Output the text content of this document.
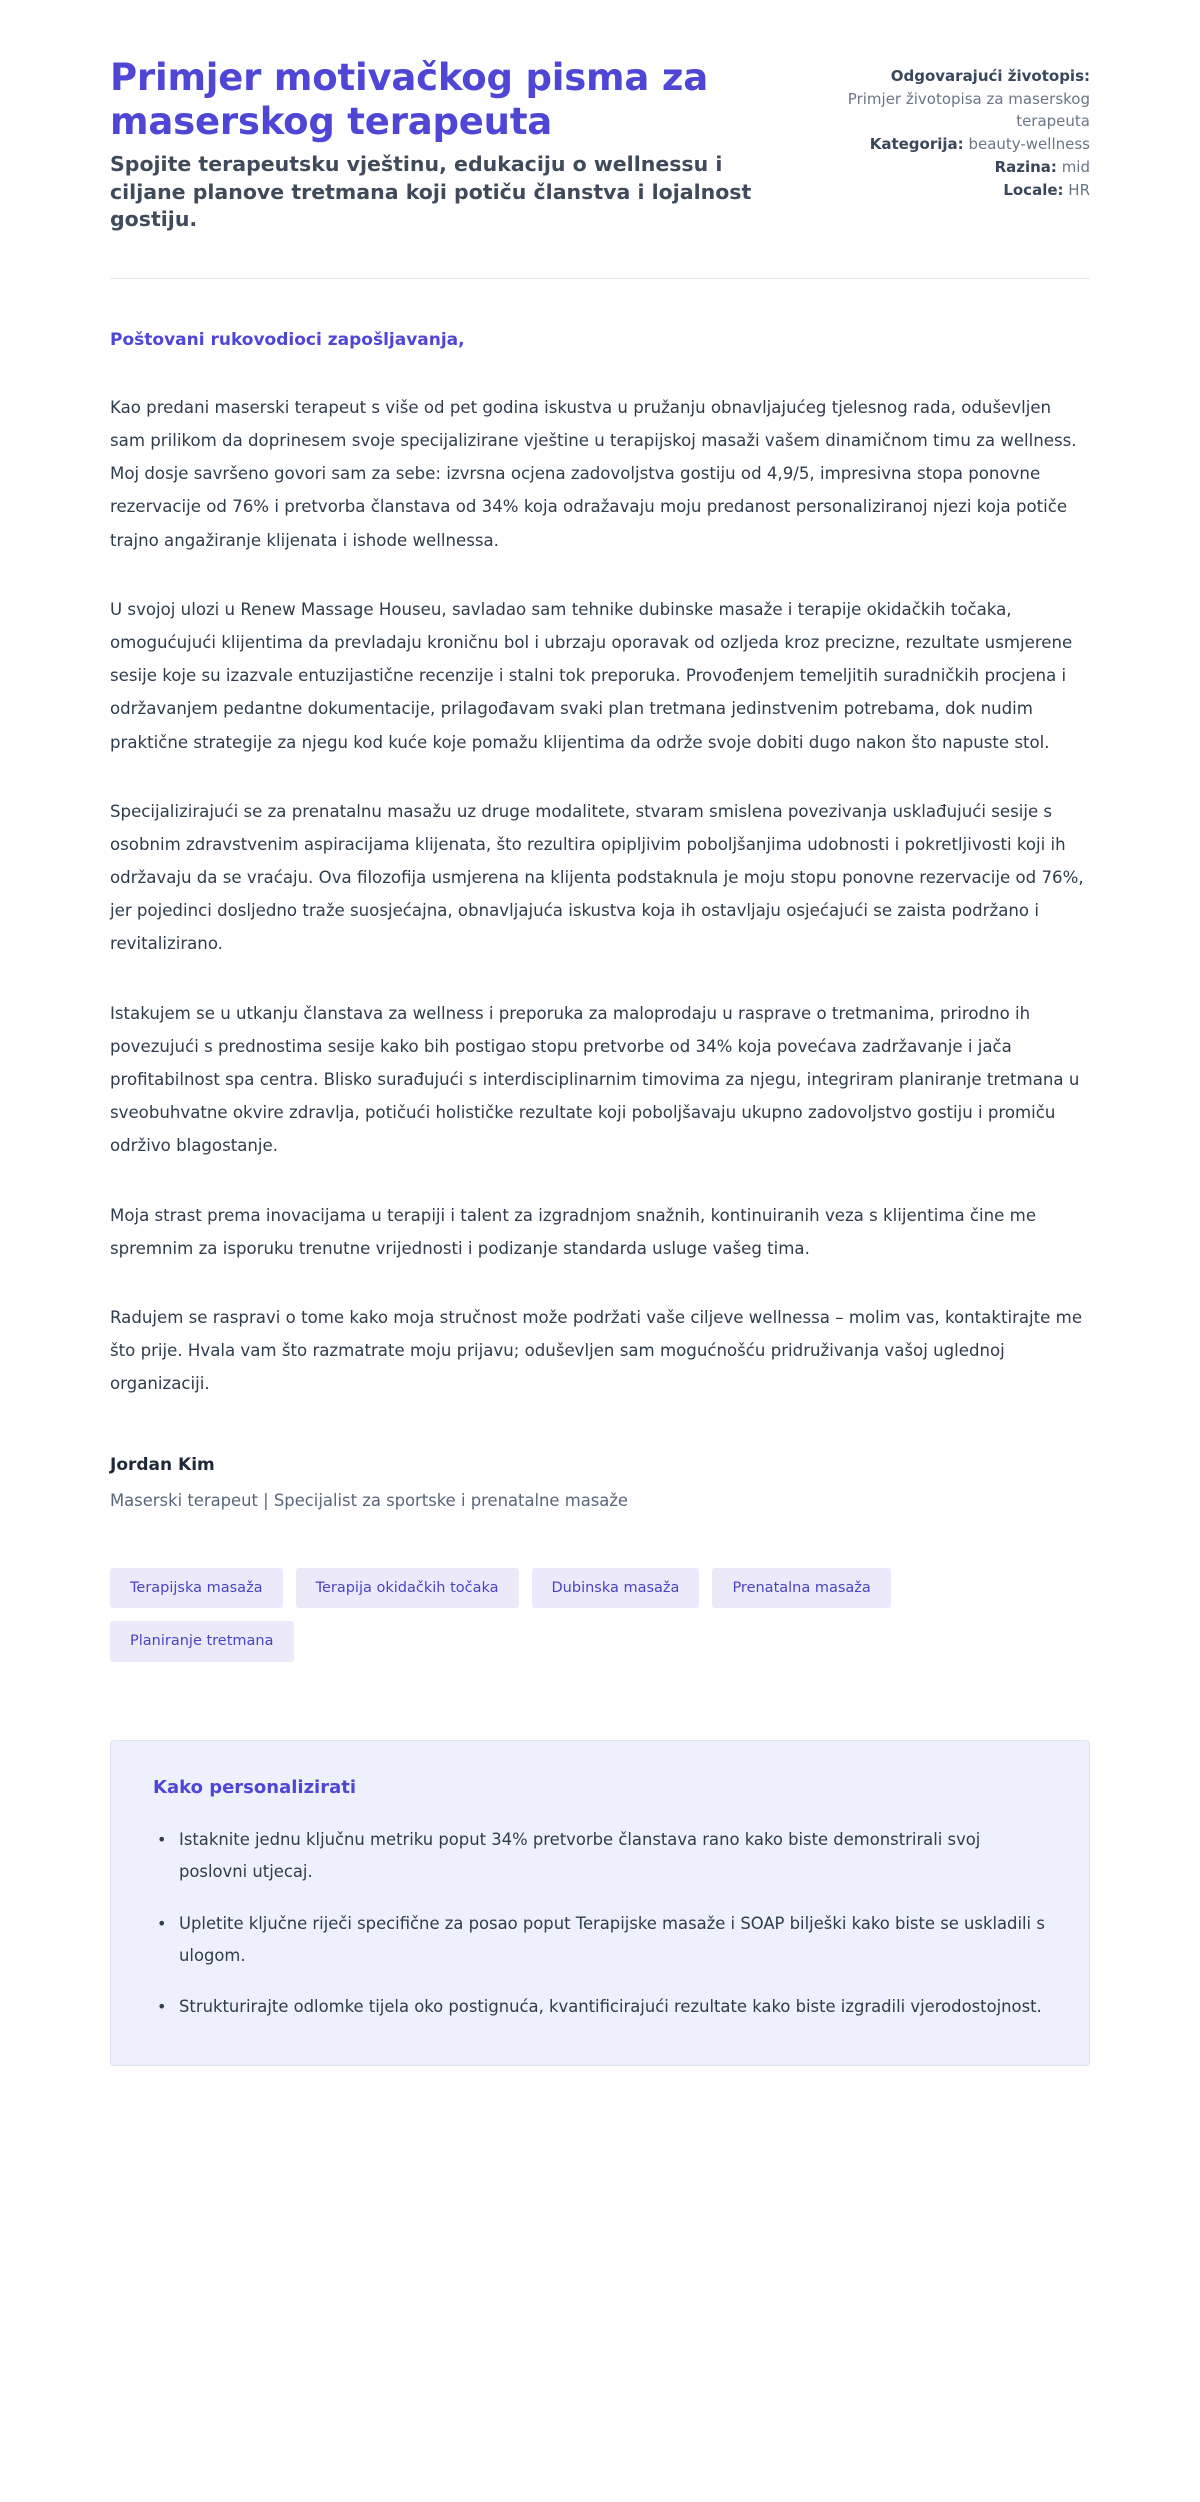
Primjer motivačkog pisma za maserskog terapeuta

Spojite terapeutsku vještinu, edukaciju o wellnessu i ciljane planove tretmana koji potiču članstva i lojalnost gostiju.

Odgovarajući životopis:
Primjer životopisa za maserskog terapeuta
Kategorija: beauty-wellness
Razina: mid
Locale: HR

Poštovani rukovodioci zapošljavanja,

Kao predani maserski terapeut s više od pet godina iskustva u pružanju obnavljajućeg tjelesnog rada, oduševljen sam prilikom da doprinesem svoje specijalizirane vještine u terapijskoj masaži vašem dinamičnom timu za wellness. Moj dosje savršeno govori sam za sebe: izvrsna ocjena zadovoljstva gostiju od 4,9/5, impresivna stopa ponovne rezervacije od 76% i pretvorba članstava od 34% koja odražavaju moju predanost personaliziranoj njezi koja potiče trajno angažiranje klijenata i ishode wellnessa.

U svojoj ulozi u Renew Massage Houseu, savladao sam tehnike dubinske masaže i terapije okidačkih točaka, omogućujući klijentima da prevladaju kroničnu bol i ubrzaju oporavak od ozljeda kroz precizne, rezultate usmjerene sesije koje su izazvale entuzijastične recenzije i stalni tok preporuka. Provođenjem temeljitih suradničkih procjena i održavanjem pedantne dokumentacije, prilagođavam svaki plan tretmana jedinstvenim potrebama, dok nudim praktične strategije za njegu kod kuće koje pomažu klijentima da održe svoje dobiti dugo nakon što napuste stol.

Specijalizirajući se za prenatalnu masažu uz druge modalitete, stvaram smislena povezivanja usklađujući sesije s osobnim zdravstvenim aspiracijama klijenata, što rezultira opipljivim poboljšanjima udobnosti i pokretljivosti koji ih održavaju da se vraćaju. Ova filozofija usmjerena na klijenta podstaknula je moju stopu ponovne rezervacije od 76%, jer pojedinci dosljedno traže suosjećajna, obnavljajuća iskustva koja ih ostavljaju osjećajući se zaista podržano i revitalizirano.

Istakujem se u utkanju članstava za wellness i preporuka za maloprodaju u rasprave o tretmanima, prirodno ih povezujući s prednostima sesije kako bih postigao stopu pretvorbe od 34% koja povećava zadržavanje i jača profitabilnost spa centra. Blisko surađujući s interdisciplinarnim timovima za njegu, integriram planiranje tretmana u sveobuhvatne okvire zdravlja, potičući holističke rezultate koji poboljšavaju ukupno zadovoljstvo gostiju i promiču održivo blagostanje.

Moja strast prema inovacijama u terapiji i talent za izgradnjom snažnih, kontinuiranih veza s klijentima čine me spremnim za isporuku trenutne vrijednosti i podizanje standarda usluge vašeg tima.

Radujem se raspravi o tome kako moja stručnost može podržati vaše ciljeve wellnessa – molim vas, kontaktirajte me što prije. Hvala vam što razmatrate moju prijavu; oduševljen sam mogućnošću pridruživanja vašoj uglednoj organizaciji.

Jordan Kim

Maserski terapeut | Specijalist za sportske i prenatalne masaže

Terapijska masaža	Terapija okidačkih točaka	Dubinska masaža	Prenatalna masaža
Planiranje tretmana
Kako personalizirati
• Istaknite jednu ključnu metriku poput 34% pretvorbe članstava rano kako biste demonstrirali svoj poslovni utjecaj.
• Upletite ključne riječi specifične za posao poput Terapijske masaže i SOAP bilješki kako biste se uskladili s ulogom.
• Strukturirajte odlomke tijela oko postignuća, kvantificirajući rezultate kako biste izgradili vjerodostojnost.
